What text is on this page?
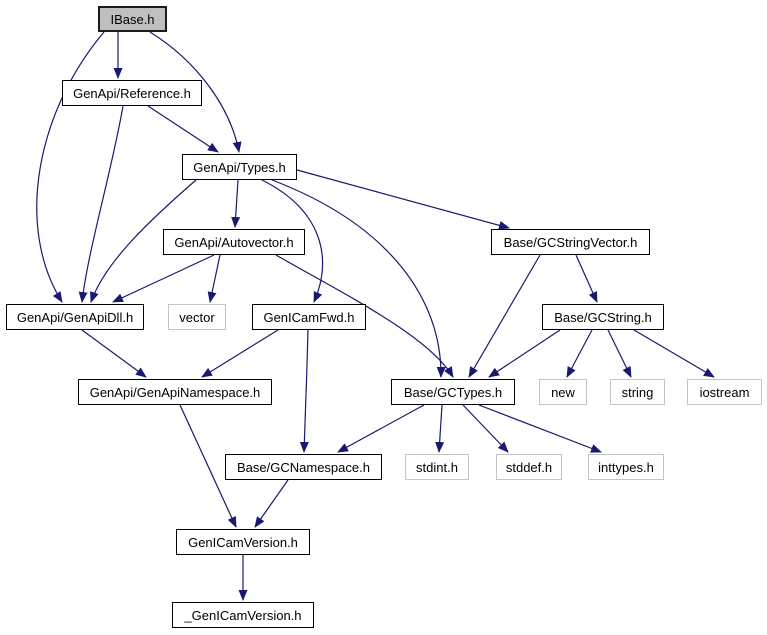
IBase.h
GenApi/Reference.h
GenApi/Types.h
GenApi/Autovector.h	Base/GCStringVector.h
GenApi/GenApiDll.h	vector	GenICamFwd.h	Base/GCString.h
GenApi/GenApiNamespace.h	Base/GCTypes.h	new	string	iostream
Base/GCNamespace.h	stdint.h	stddef.h	inttypes.h
GenICamVersion.h
_GenICamVersion.h
